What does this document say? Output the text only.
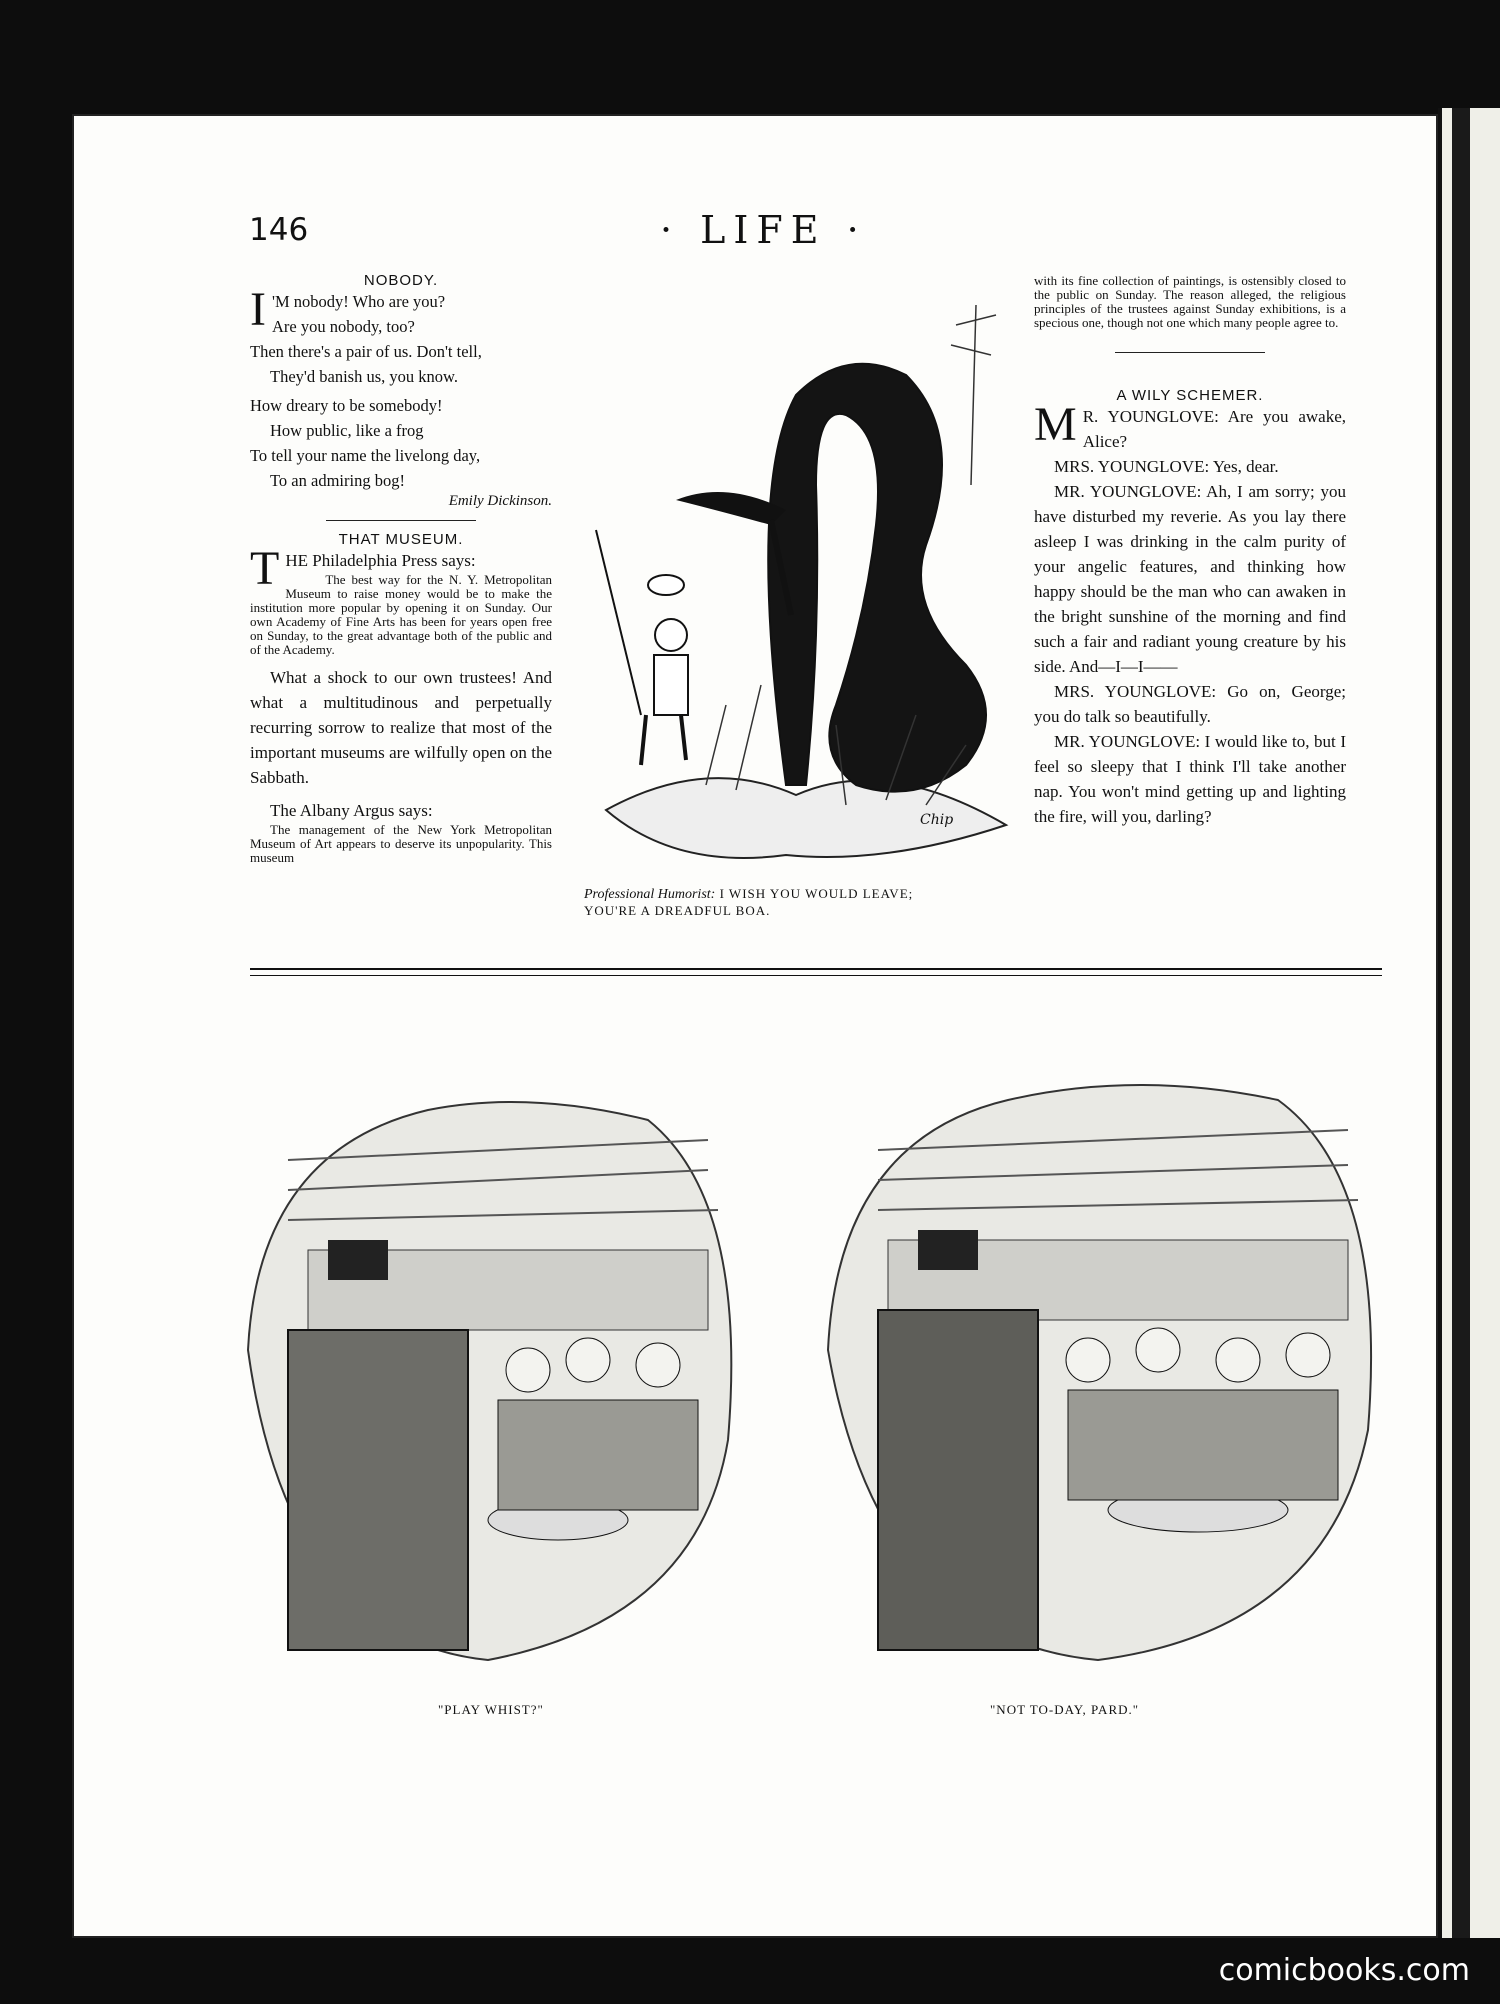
146	· LIFE ·

NOBODY.

I 'M nobody! Who are you?

Are you nobody, too?

Then there's a pair of us. Don't tell,

They'd banish us, you know.

How dreary to be somebody!

How public, like a frog

To tell your name the livelong day,

To an admiring bog!

Emily Dickinson.

THAT MUSEUM.

T HE Philadelphia Press says:

The best way for the N. Y. Metropolitan Museum to raise money would be to make the institution more popular by opening it on Sunday. Our own Academy of Fine Arts has been for years open free on Sunday, to the great advantage both of the public and of the Academy.

What a shock to our own trustees! And what a multitudinous and perpetually recurring sorrow to realize that most of the important museums are wilfully open on the Sabbath.

The Albany Argus says:

The management of the New York Metropolitan Museum of Art appears to deserve its unpopularity. This museum

Chip
Professional Humorist: I WISH YOU WOULD LEAVE;
YOU'RE A DREADFUL BOA.

with its fine collection of paintings, is ostensibly closed to the public on Sunday. The reason alleged, the religious principles of the trustees against Sunday exhibitions, is a specious one, though not one which many people agree to.

A WILY SCHEMER.

M R. YOUNGLOVE: Are you awake, Alice?

MRS. YOUNGLOVE: Yes, dear.

MR. YOUNGLOVE: Ah, I am sorry; you have disturbed my reverie. As you lay there asleep I was drinking in the calm purity of your angelic features, and thinking how happy should be the man who can awaken in the bright sunshine of the morning and find such a fair and radiant young creature by his side. And—I—I——

MRS. YOUNGLOVE: Go on, George; you do talk so beautifully.

MR. YOUNGLOVE: I would like to, but I feel so sleepy that I think I'll take another nap. You won't mind getting up and lighting the fire, will you, darling?

"PLAY WHIST?"	"NOT TO-DAY, PARD."
comicbooks.com
